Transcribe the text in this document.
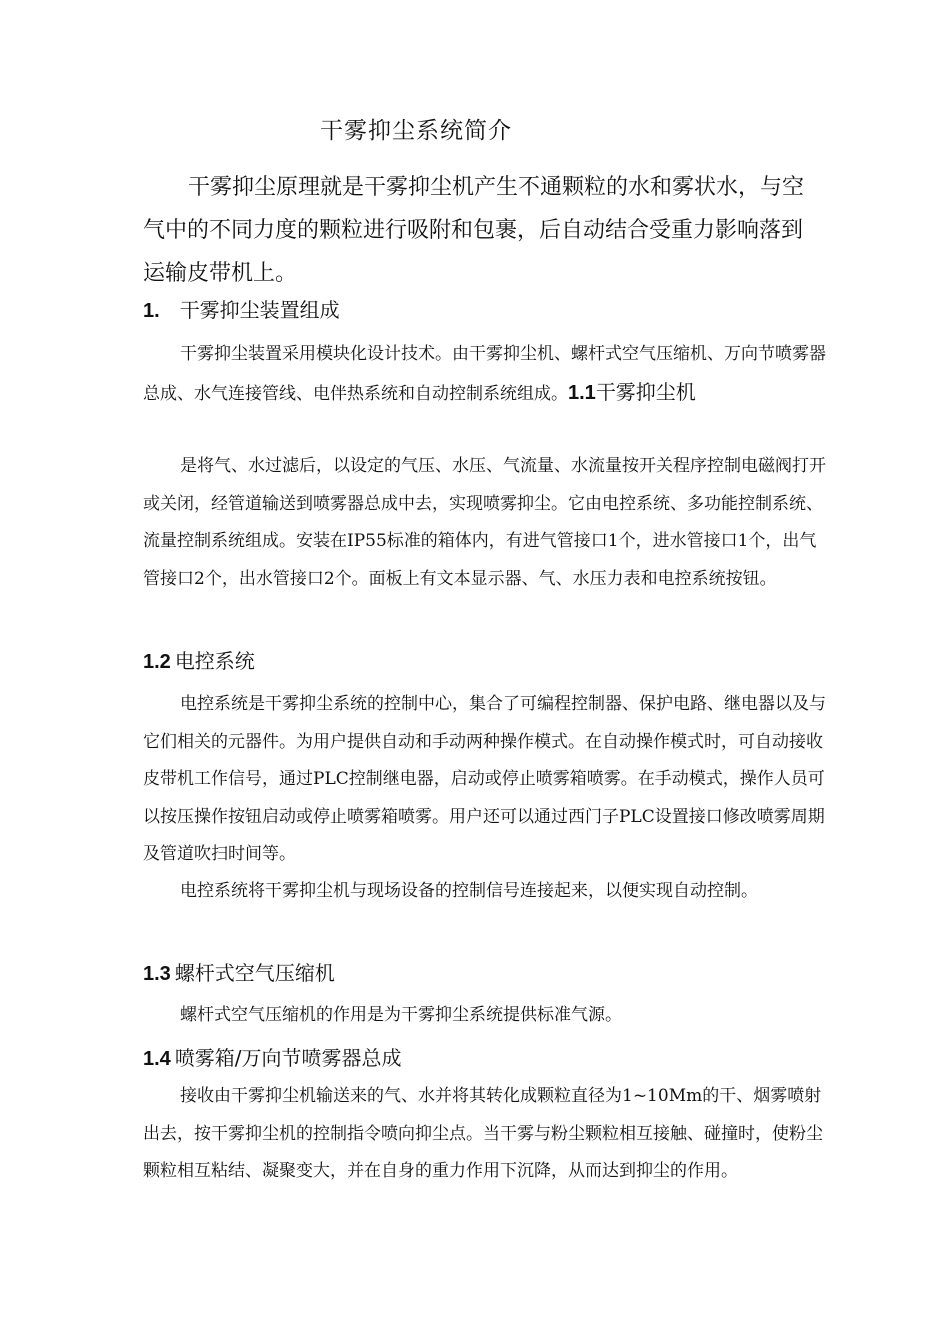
干雾抑尘系统简介

干雾抑尘原理就是干雾抑尘机产生不通颗粒的水和雾状水，与空气中的不同力度的颗粒进行吸附和包裹，后自动结合受重力影响落到运输皮带机上。

1. 干雾抑尘装置组成

干雾抑尘装置采用模块化设计技术。由干雾抑尘机、螺杆式空气压缩机、万向节喷雾器总成、水气连接管线、电伴热系统和自动控制系统组成。1.1干雾抑尘机

是将气、水过滤后，以设定的气压、水压、气流量、水流量按开关程序控制电磁阀打开或关闭，经管道输送到喷雾器总成中去，实现喷雾抑尘。它由电控系统、多功能控制系统、流量控制系统组成。安装在IP55标准的箱体内，有进气管接口1个，进水管接口1个，出气管接口2个，出水管接口2个。面板上有文本显示器、气、水压力表和电控系统按钮。

1.2 电控系统

电控系统是干雾抑尘系统的控制中心，集合了可编程控制器、保护电路、继电器以及与它们相关的元器件。为用户提供自动和手动两种操作模式。在自动操作模式时，可自动接收皮带机工作信号，通过PLC控制继电器，启动或停止喷雾箱喷雾。在手动模式，操作人员可以按压操作按钮启动或停止喷雾箱喷雾。用户还可以通过西门子PLC设置接口修改喷雾周期及管道吹扫时间等。

电控系统将干雾抑尘机与现场设备的控制信号连接起来，以便实现自动控制。

1.3 螺杆式空气压缩机

螺杆式空气压缩机的作用是为干雾抑尘系统提供标准气源。

1.4 喷雾箱/万向节喷雾器总成

接收由干雾抑尘机输送来的气、水并将其转化成颗粒直径为1~10Mm的干、烟雾喷射出去，按干雾抑尘机的控制指令喷向抑尘点。当干雾与粉尘颗粒相互接触、碰撞时，使粉尘颗粒相互粘结、凝聚变大，并在自身的重力作用下沉降，从而达到抑尘的作用。
